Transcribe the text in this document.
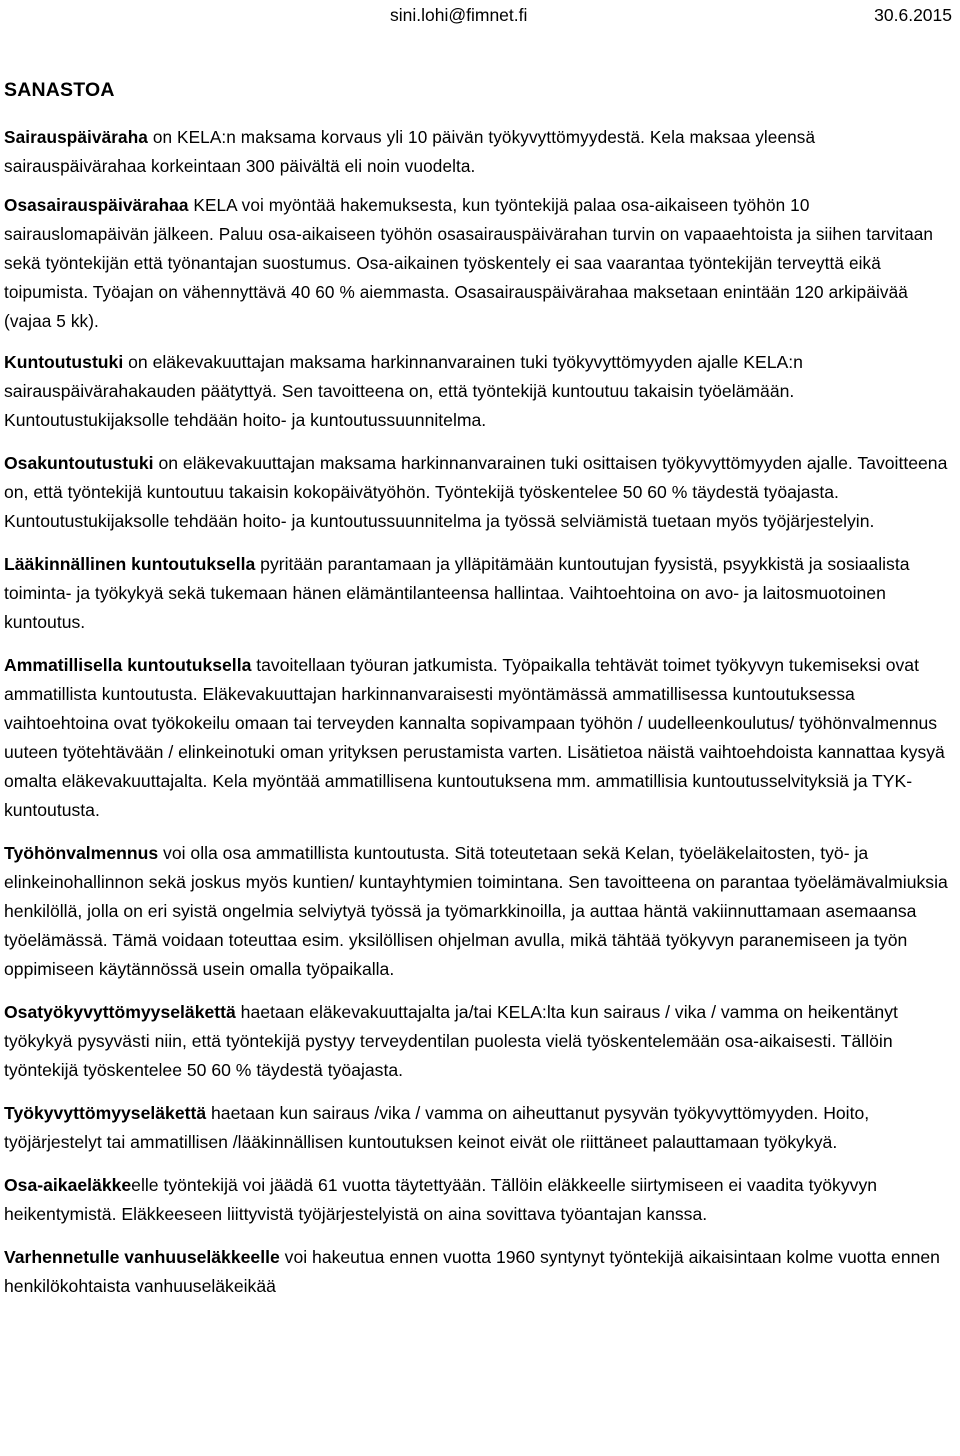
sini.lohi@fimnet.fi	30.6.2015
SANASTOA

Sairauspäiväraha on KELA:n maksama korvaus yli 10 päivän työkyvyttömyydestä. Kela maksaa yleensä sairauspäivärahaa korkeintaan 300 päivältä eli noin vuodelta.

Osasairauspäivärahaa KELA voi myöntää hakemuksesta, kun työntekijä palaa osa-aikaiseen työhön 10 sairauslomapäivän jälkeen. Paluu osa-aikaiseen työhön osasairauspäivärahan turvin on vapaaehtoista ja siihen tarvitaan sekä työntekijän että työnantajan suostumus. Osa-aikainen työskentely ei saa vaarantaa työntekijän terveyttä eikä toipumista. Työajan on vähennyttävä 40 60 % aiemmasta. Osasairauspäivärahaa maksetaan enintään 120 arkipäivää (vajaa 5 kk).

Kuntoutustuki on eläkevakuuttajan maksama harkinnanvarainen tuki työkyvyttömyyden ajalle KELA:n sairauspäivärahakauden päätyttyä. Sen tavoitteena on, että työntekijä kuntoutuu takaisin työelämään. Kuntoutustukijaksolle tehdään hoito- ja kuntoutussuunnitelma.

Osakuntoutustuki on eläkevakuuttajan maksama harkinnanvarainen tuki osittaisen työkyvyttömyyden ajalle. Tavoitteena on, että työntekijä kuntoutuu takaisin kokopäivätyöhön. Työntekijä työskentelee 50 60 % täydestä työajasta. Kuntoutustukijaksolle tehdään hoito- ja kuntoutussuunnitelma ja työssä selviämistä tuetaan myös työjärjestelyin.

Lääkinnällinen kuntoutuksella pyritään parantamaan ja ylläpitämään kuntoutujan fyysistä, psyykkistä ja sosiaalista toiminta- ja työkykyä sekä tukemaan hänen elämäntilanteensa hallintaa. Vaihtoehtoina on avo- ja laitosmuotoinen kuntoutus.

Ammatillisella kuntoutuksella tavoitellaan työuran jatkumista. Työpaikalla tehtävät toimet työkyvyn tukemiseksi ovat ammatillista kuntoutusta. Eläkevakuuttajan harkinnanvaraisesti myöntämässä ammatillisessa kuntoutuksessa vaihtoehtoina ovat työkokeilu omaan tai terveyden kannalta sopivampaan työhön / uudelleenkoulutus/ työhönvalmennus uuteen työtehtävään / elinkeinotuki oman yrityksen perustamista varten. Lisätietoa näistä vaihtoehdoista kannattaa kysyä omalta eläkevakuuttajalta. Kela myöntää ammatillisena kuntoutuksena mm. ammatillisia kuntoutusselvityksiä ja TYK-kuntoutusta.

Työhönvalmennus voi olla osa ammatillista kuntoutusta. Sitä toteutetaan sekä Kelan, työeläkelaitosten, työ- ja elinkeinohallinnon sekä joskus myös kuntien/ kuntayhtymien toimintana. Sen tavoitteena on parantaa työelämävalmiuksia henkilöllä, jolla on eri syistä ongelmia selviytyä työssä ja työmarkkinoilla, ja auttaa häntä vakiinnuttamaan asemaansa työelämässä. Tämä voidaan toteuttaa esim. yksilöllisen ohjelman avulla, mikä tähtää työkyvyn paranemiseen ja työn oppimiseen käytännössä usein omalla työpaikalla.

Osatyökyvyttömyyseläkettä haetaan eläkevakuuttajalta ja/tai KELA:lta kun sairaus / vika / vamma on heikentänyt työkykyä pysyvästi niin, että työntekijä pystyy terveydentilan puolesta vielä työskentelemään osa-aikaisesti. Tällöin työntekijä työskentelee 50 60 % täydestä työajasta.

Työkyvyttömyyseläkettä haetaan kun sairaus /vika / vamma on aiheuttanut pysyvän työkyvyttömyyden. Hoito, työjärjestelyt tai ammatillisen /lääkinnällisen kuntoutuksen keinot eivät ole riittäneet palauttamaan työkykyä.

Osa-aikaeläkkeelle työntekijä voi jäädä 61 vuotta täytettyään. Tällöin eläkkeelle siirtymiseen ei vaadita työkyvyn heikentymistä. Eläkkeeseen liittyvistä työjärjestelyistä on aina sovittava työantajan kanssa.

Varhennetulle vanhuuseläkkeelle voi hakeutua ennen vuotta 1960 syntynyt työntekijä aikaisintaan kolme vuotta ennen henkilökohtaista vanhuuseläkeikää
